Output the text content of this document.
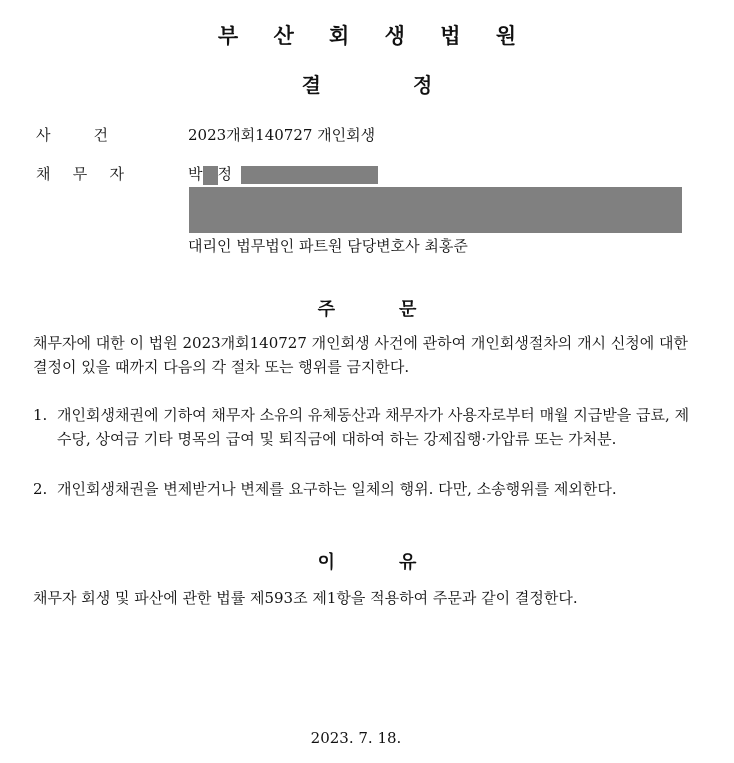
부 산 회 생 법 원
결	정
사	건	2023개회140727 개인회생
채 무 자	박 정
대리인 법무법인 파트원 담당변호사 최홍준
주	문
채무자에 대한 이 법원 2023개회140727 개인회생 사건에 관하여 개인회생절차의 개시 신청에 대한 결정이 있을 때까지 다음의 각 절차 또는 행위를 금지한다.
1. 개인회생채권에 기하여 채무자 소유의 유체동산과 채무자가 사용자로부터 매월 지급받을 급료, 제수당, 상여금 기타 명목의 급여 및 퇴직금에 대하여 하는 강제집행·가압류 또는 가처분.
2. 개인회생채권을 변제받거나 변제를 요구하는 일체의 행위. 다만, 소송행위를 제외한다.
이	유
채무자 회생 및 파산에 관한 법률 제593조 제1항을 적용하여 주문과 같이 결정한다.
2023. 7. 18.
